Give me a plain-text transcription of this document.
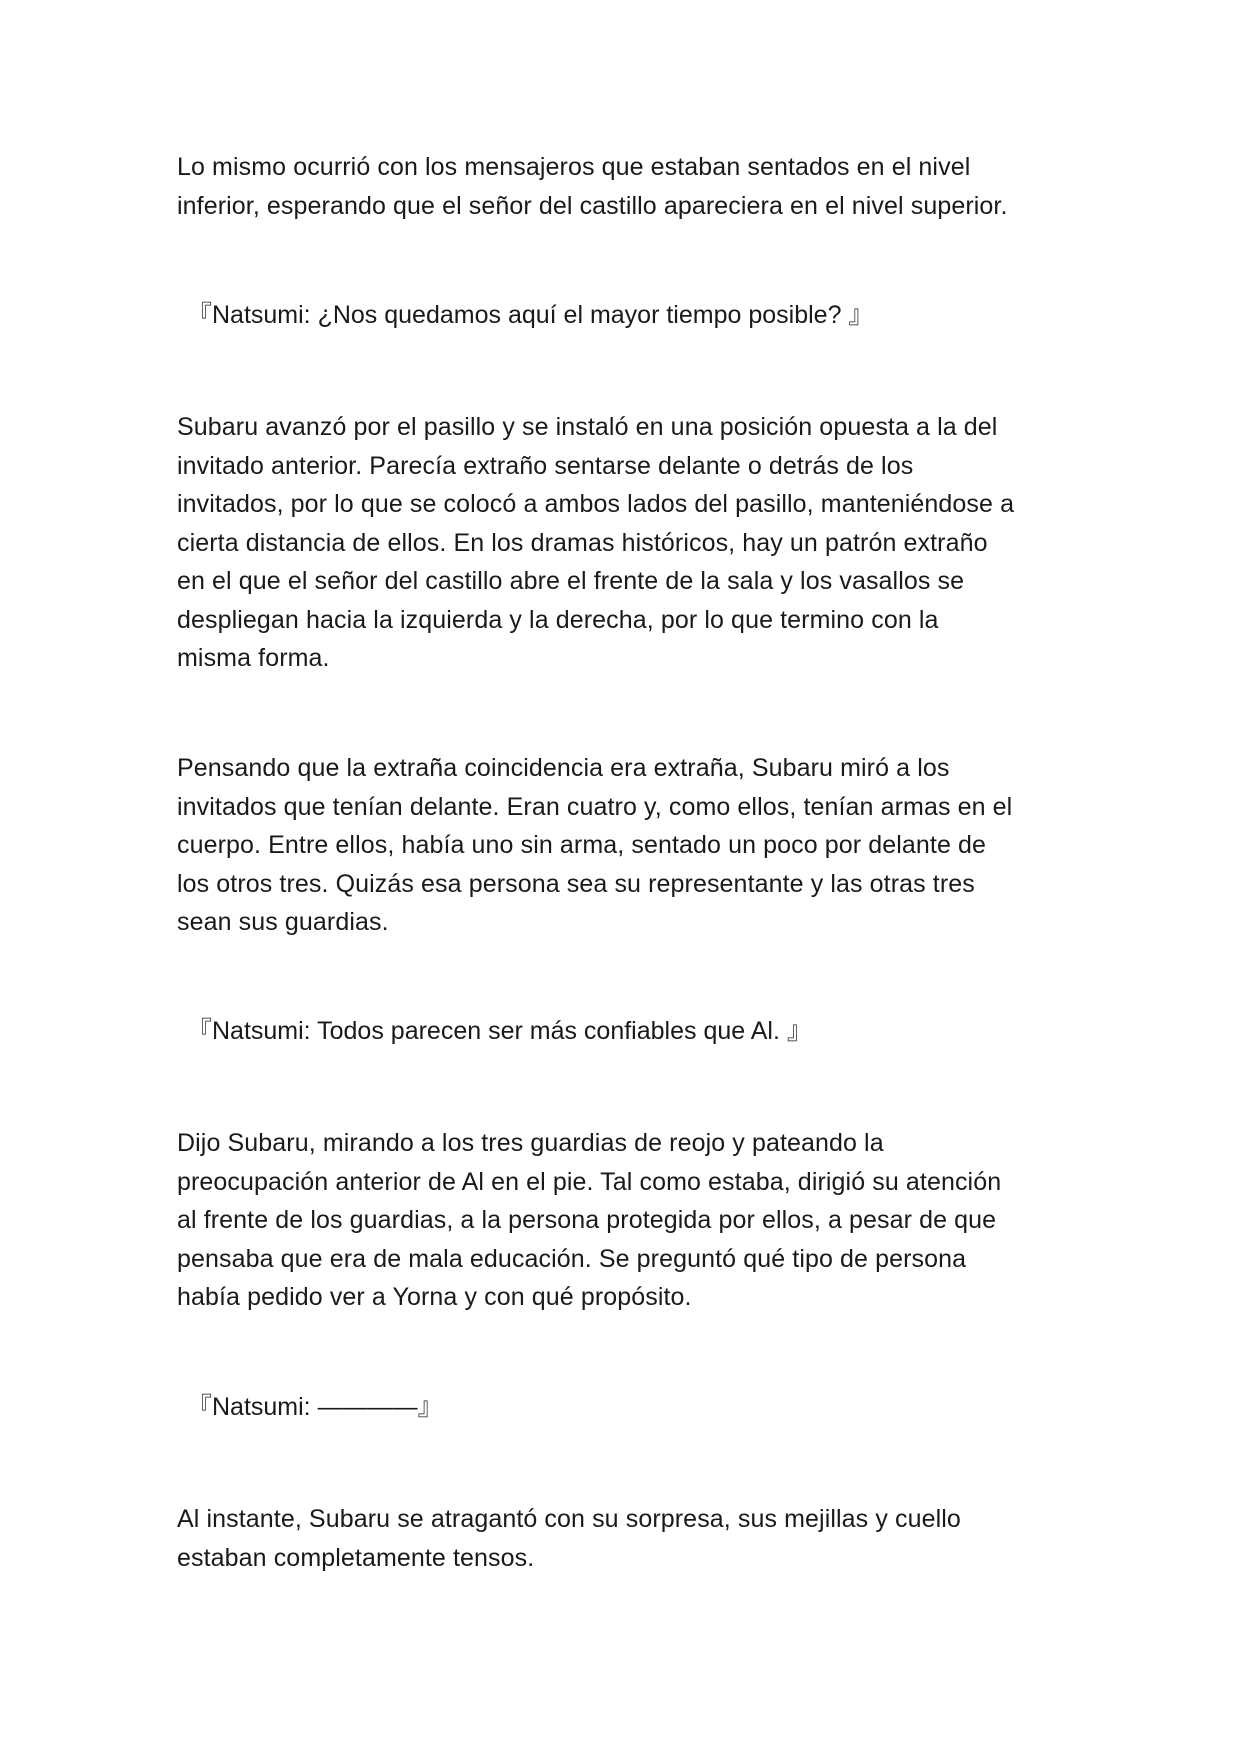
Lo mismo ocurrió con los mensajeros que estaban sentados en el nivel
inferior, esperando que el señor del castillo apareciera en el nivel superior.

『Natsumi: ¿Nos quedamos aquí el mayor tiempo posible? 』

Subaru avanzó por el pasillo y se instaló en una posición opuesta a la del
invitado anterior. Parecía extraño sentarse delante o detrás de los
invitados, por lo que se colocó a ambos lados del pasillo, manteniéndose a
cierta distancia de ellos. En los dramas históricos, hay un patrón extraño
en el que el señor del castillo abre el frente de la sala y los vasallos se
despliegan hacia la izquierda y la derecha, por lo que termino con la
misma forma.

Pensando que la extraña coincidencia era extraña, Subaru miró a los
invitados que tenían delante. Eran cuatro y, como ellos, tenían armas en el
cuerpo. Entre ellos, había uno sin arma, sentado un poco por delante de
los otros tres. Quizás esa persona sea su representante y las otras tres
sean sus guardias.

『Natsumi: Todos parecen ser más confiables que Al. 』

Dijo Subaru, mirando a los tres guardias de reojo y pateando la
preocupación anterior de Al en el pie. Tal como estaba, dirigió su atención
al frente de los guardias, a la persona protegida por ellos, a pesar de que
pensaba que era de mala educación. Se preguntó qué tipo de persona
había pedido ver a Yorna y con qué propósito.

『Natsumi: ————』

Al instante, Subaru se atragantó con su sorpresa, sus mejillas y cuello
estaban completamente tensos.
